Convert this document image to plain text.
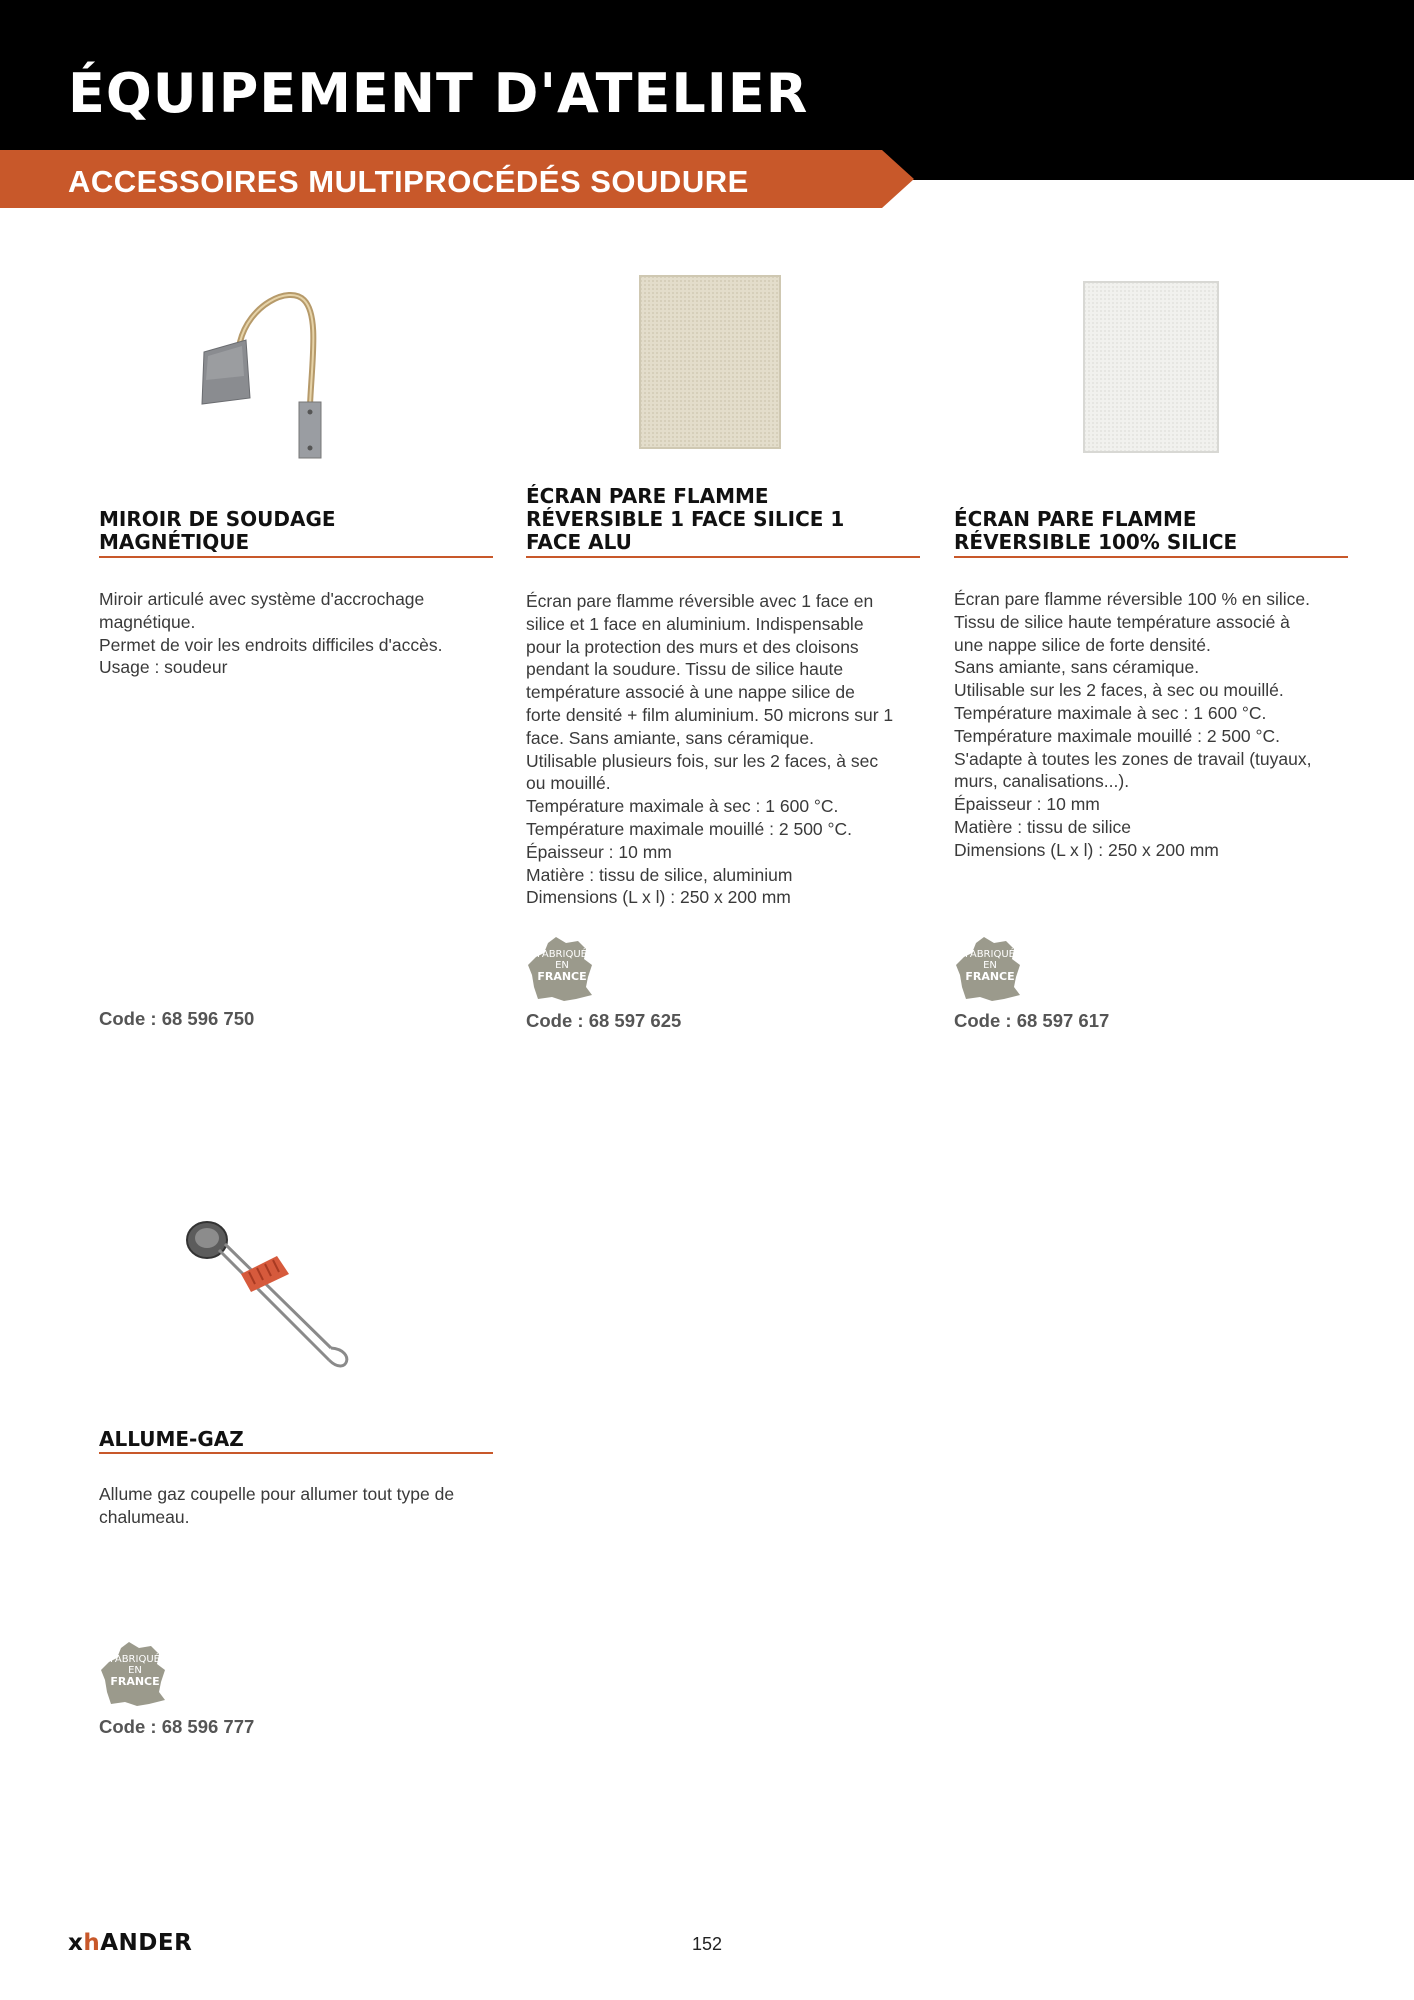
ÉQUIPEMENT D'ATELIER
ACCESSOIRES MULTIPROCÉDÉS SOUDURE
MIROIR DE SOUDAGE
MAGNÉTIQUE
Miroir articulé avec système d'accrochage
magnétique.
Permet de voir les endroits difficiles d'accès.
Usage : soudeur
Code : 68 596 750
ÉCRAN PARE FLAMME
RÉVERSIBLE 1 FACE SILICE 1
FACE ALU
Écran pare flamme réversible avec 1 face en
silice et 1 face en aluminium. Indispensable
pour la protection des murs et des cloisons
pendant la soudure. Tissu de silice haute
température associé à une nappe silice de
forte densité + film aluminium. 50 microns sur 1
face. Sans amiante, sans céramique.
Utilisable plusieurs fois, sur les 2 faces, à sec
ou mouillé.
Température maximale à sec : 1 600 °C.
Température maximale mouillé : 2 500 °C.
Épaisseur : 10 mm
Matière : tissu de silice, aluminium
Dimensions (L x l) : 250 x 200 mm
FABRIQUÉ
EN
FRANCE
Code : 68 597 625
ÉCRAN PARE FLAMME
RÉVERSIBLE 100% SILICE
Écran pare flamme réversible 100 % en silice.
Tissu de silice haute température associé à
une nappe silice de forte densité.
Sans amiante, sans céramique.
Utilisable sur les 2 faces, à sec ou mouillé.
Température maximale à sec : 1 600 °C.
Température maximale mouillé : 2 500 °C.
S'adapte à toutes les zones de travail (tuyaux,
murs, canalisations...).
Épaisseur : 10 mm
Matière : tissu de silice
Dimensions (L x l) : 250 x 200 mm
FABRIQUÉ
EN
FRANCE
Code : 68 597 617
ALLUME-GAZ
Allume gaz coupelle pour allumer tout type de
chalumeau.
FABRIQUÉ
EN
FRANCE
Code : 68 596 777
xhANDER	152
